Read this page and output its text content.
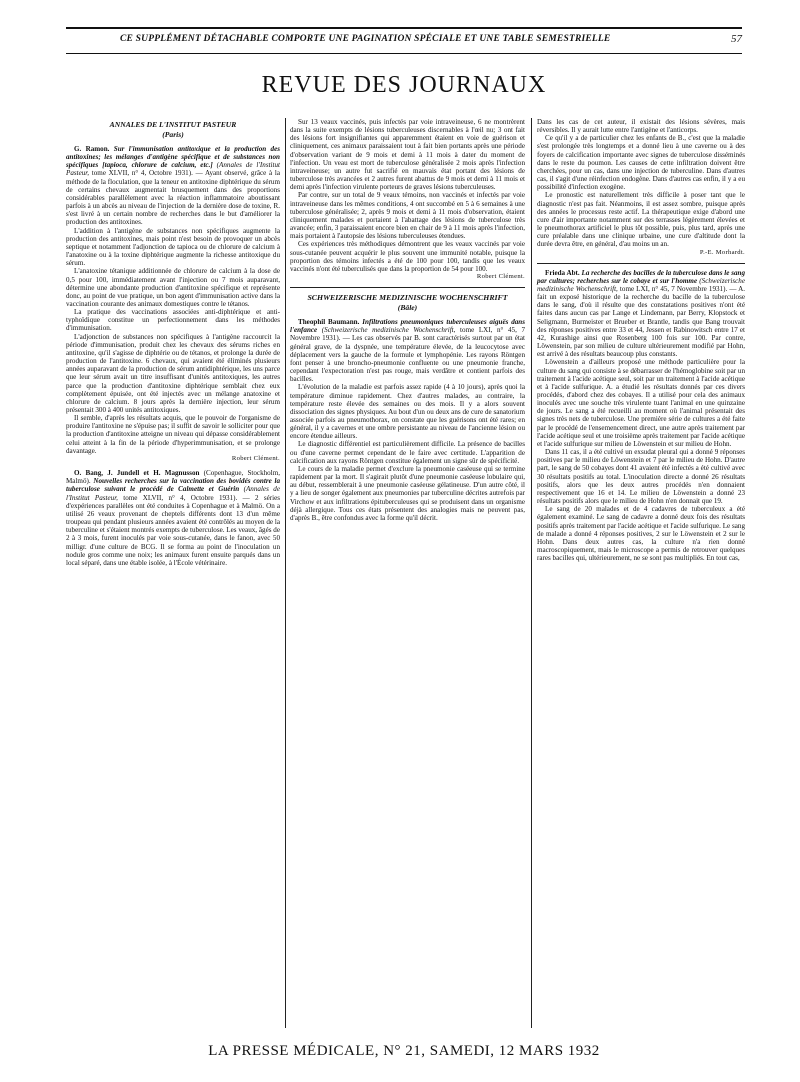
CE SUPPLÉMENT DÉTACHABLE COMPORTE UNE PAGINATION SPÉCIALE ET UNE TABLE SEMESTRIELLE	57
REVUE DES JOURNAUX
ANNALES DE L'INSTITUT PASTEUR
(Paris)

G. Ramon. Sur l'immunisation antitoxique et la production des antitoxines; les mélanges d'antigène spécifique et de substances non spécifiques [tapioca, chlorure de calcium, etc.] (Annales de l'Institut Pasteur, tome XLVII, n° 4, Octobre 1931). — Ayant observé, grâce à la méthode de la floculation, que la teneur en antitoxine diphtérique du sérum de certains chevaux augmentait brusquement dans des proportions considérables parallèlement avec la réaction inflammatoire aboutissant parfois à un abcès au niveau de l'injection de la dernière dose de toxine, R. s'est livré à un certain nombre de recherches dans le but d'améliorer la production des antitoxines.

L'addition à l'antigène de substances non spécifiques augmente la production des antitoxines, mais point n'est besoin de provoquer un abcès septique et notamment l'adjonction de tapioca ou de chlorure de calcium à l'anatoxine ou à la toxine diphtérique augmente la richesse antitoxique du sérum.

L'anatoxine tétanique additionnée de chlorure de calcium à la dose de 0,5 pour 100, immédiatement avant l'injection ou 7 mois auparavant, détermine une abondante production d'antitoxine spécifique et représente donc, au point de vue pratique, un bon agent d'immunisation active dans la vaccination courante des animaux domestiques contre le tétanos.

La pratique des vaccinations associées anti-diphtérique et anti-typhoïdique constitue un perfectionnement dans les méthodes d'immunisation.

L'adjonction de substances non spécifiques à l'antigène raccourcit la période d'immunisation, produit chez les chevaux des sérums riches en antitoxine, qu'il s'agisse de diphtérie ou de tétanos, et prolonge la durée de production de l'antitoxine. 6 chevaux, qui avaient été éliminés plusieurs années auparavant de la production de sérum antidiphtérique, les uns parce que leur sérum avait un titre insuffisant d'unités antitoxiques, les autres parce que la production d'antitoxine diphtérique semblait chez eux complètement épuisée, ont été injectés avec un mélange anatoxine et chlorure de calcium. 8 jours après la dernière injection, leur sérum présentait 300 à 400 unités antitoxiques.

Il semble, d'après les résultats acquis, que le pouvoir de l'organisme de produire l'antitoxine ne s'épuise pas; il suffit de savoir le solliciter pour que la production d'antitoxine atteigne un niveau qui dépasse considérablement celui atteint à la fin de la période d'hyperimmunisation, et se prolonge davantage.

Robert Clément.

O. Bang, J. Jundell et H. Magnusson (Copenhague, Stockholm, Malmö). Nouvelles recherches sur la vaccination des bovidés contre la tuberculose suivant le procédé de Calmette et Guérin (Annales de l'Institut Pasteur, tome XLVII, n° 4, Octobre 1931). — 2 séries d'expériences parallèles ont été conduites à Copenhague et à Malmö. On a utilisé 26 veaux provenant de cheptels différents dont 13 d'un même troupeau qui pendant plusieurs années avaient été contrôlés au moyen de la tuberculine et s'étaient montrés exempts de tuberculose. Les veaux, âgés de 2 à 3 mois, furent inoculés par voie sous-cutanée, dans le fanon, avec 50 milligr. d'une culture de BCG. Il se forma au point de l'inoculation un nodule gros comme une noix; les animaux furent ensuite parqués dans un local séparé, dans une étable isolée, à l'École vétérinaire.

Sur 13 veaux vaccinés, puis infectés par voie intraveineuse, 6 ne montrèrent dans la suite exempts de lésions tuberculeuses discernables à l'œil nu; 3 ont fait des lésions fort insignifiantes qui apparemment étaient en voie de guérison et cliniquement, ces animaux paraissaient tout à fait bien portants après une période d'observation variant de 9 mois et demi à 11 mois à dater du moment de l'infection. Un veau est mort de tuberculose généralisée 2 mois après l'infection intraveineuse; un autre fut sacrifié en mauvais état portant des lésions de tuberculose très avancées et 2 autres furent abattus de 9 mois et demi à 11 mois et demi après l'infection virulente porteurs de graves lésions tuberculeuses.

Par contre, sur un total de 9 veaux témoins, non vaccinés et infectés par voie intraveineuse dans les mêmes conditions, 4 ont succombé en 5 à 6 semaines à une tuberculose généralisée; 2, après 9 mois et demi à 11 mois d'observation, étaient cliniquement malades et portaient à l'abattage des lésions de tuberculose très avancée; enfin, 3 paraissaient encore bien en chair de 9 à 11 mois après l'infection, mais portaient à l'autopsie des lésions tuberculeuses étendues.

Ces expériences très méthodiques démontrent que les veaux vaccinés par voie sous-cutanée peuvent acquérir le plus souvent une immunité notable, puisque la proportion des témoins infectés a été de 100 pour 100, tandis que les veaux vaccinés n'ont été tuberculisés que dans la proportion de 54 pour 100.

Robert Clément.
SCHWEIZERISCHE MEDIZINISCHE WOCHENSCHRIFT
(Bâle)

Theophil Baumann. Infiltrations pneumoniques tuberculeuses aiguës dans l'enfance (Schweizerische medizinische Wochenschrift, tome LXI, n° 45, 7 Novembre 1931). — Les cas observés par B. sont caractérisés surtout par un état général grave, de la dyspnée, une température élevée, de la leucocytose avec déplacement vers la gauche de la formule et lymphopénie. Les rayons Röntgen font penser à une broncho-pneumonie confluente ou une pneumonie franche, cependant l'expectoration n'est pas rouge, mais verdâtre et contient parfois des bacilles.

L'évolution de la maladie est parfois assez rapide (4 à 10 jours), après quoi la température diminue rapidement. Chez d'autres malades, au contraire, la température reste élevée des semaines ou des mois. Il y a alors souvent dissociation des signes physiques. Au bout d'un ou deux ans de cure de sanatorium associée parfois au pneumothorax, on constate que les guérisons ont été rares; en général, il y a cavernes et une ombre persistante au niveau de l'ancienne lésion ou encore étendue ailleurs.

Le diagnostic différentiel est particulièrement difficile. La présence de bacilles ou d'une caverne permet cependant de le faire avec certitude. L'apparition de calcification aux rayons Röntgen constitue également un signe sûr de spécificité.

Le cours de la maladie permet d'exclure la pneumonie caséeuse qui se termine rapidement par la mort. Il s'agirait plutôt d'une pneumonie caséeuse lobulaire qui, au début, ressemblerait à une pneumonie caséeuse gélatineuse. D'un autre côté, il y a lieu de songer également aux pneumonies par tuberculine décrites autrefois par Virchow et aux infiltrations épituberculeuses qui se produisent dans un organisme déjà allergique. Tous ces états présentent des analogies mais ne peuvent pas, d'après B., être confondus avec la forme qu'il décrit.

Dans les cas de cet auteur, il existait des lésions sévères, mais réversibles. Il y aurait lutte entre l'antigène et l'anticorps.

Ce qu'il y a de particulier chez les enfants de B., c'est que la maladie s'est prolongée très longtemps et a donné lieu à une caverne ou à des foyers de calcification importante avec signes de tuberculose disséminés dans le reste du poumon. Les causes de cette infiltration doivent être cherchées, pour un cas, dans une injection de tuberculine. Dans d'autres cas, il s'agit d'une réinfection endogène. Dans d'autres cas enfin, il y a eu possibilité d'infection exogène.

Le pronostic est naturellement très difficile à poser tant que le diagnostic n'est pas fait. Néanmoins, il est assez sombre, puisque après des années le processus reste actif. La thérapeutique exige d'abord une cure d'air importante notamment sur des terrasses légèrement élevées et le pneumothorax artificiel le plus tôt possible, puis, plus tard, après une cure préalable dans une clinique urbaine, une cure d'altitude dont la durée devra être, en général, d'au moins un an.

P.-E. Morhardt.

Frieda Abt. La recherche des bacilles de la tuberculose dans le sang par cultures; recherches sur le cobaye et sur l'homme (Schweizerische medizinische Wochenschrift, tome LXI, n° 45, 7 Novembre 1931). — A. fait un exposé historique de la recherche du bacille de la tuberculose dans le sang, d'où il résulte que des constatations positives n'ont été faites dans aucun cas par Lange et Lindemann, par Berry, Klopstock et Seligmann, Burmeister et Brueber et Brantle, tandis que Bang trouvait des réponses positives entre 33 et 44, Jessen et Rabinowitsch entre 17 et 42, Kurashige ainsi que Rosenberg 100 fois sur 100. Par contre, Löwenstein, par son milieu de culture ultérieurement modifié par Hohn, est arrivé à des résultats beaucoup plus constants.

Löwenstein a d'ailleurs proposé une méthode particulière pour la culture du sang qui consiste à se débarrasser de l'hémoglobine soit par un traitement à l'acide acétique seul, soit par un traitement à l'acide acétique et à l'acide sulfurique. A. a étudié les résultats donnés par ces divers procédés, d'abord chez des cobayes. Il a utilisé pour cela des animaux inoculés avec une souche très virulente tuant l'animal en une quinzaine de jours. Le sang a été recueilli au moment où l'animal présentait des signes très nets de tuberculose. Une première série de cultures a été faite par le procédé de l'ensemencement direct, une autre après traitement par l'acide acétique seul et une troisième après traitement par l'acide acétique et l'acide sulfurique sur milieu de Löwenstein et sur milieu de Hohn.

Dans 11 cas, il a été cultivé un exsudat pleural qui a donné 9 réponses positives par le milieu de Löwenstein et 7 par le milieu de Hohn. D'autre part, le sang de 50 cobayes dont 41 avaient été infectés a été cultivé avec 30 résultats positifs au total. L'inoculation directe a donné 26 résultats positifs, alors que les deux autres procédés n'en donnaient respectivement que 16 et 14. Le milieu de Löwenstein a donné 23 résultats positifs alors que le milieu de Hohn n'en donnait que 19.

Le sang de 20 malades et de 4 cadavres de tuberculeux a été également examiné. Le sang de cadavre a donné deux fois des résultats positifs après traitement par l'acide acétique et l'acide sulfurique. Le sang de malade a donné 4 réponses positives, 2 sur le Löwenstein et 2 sur le Hohn. Dans deux autres cas, la culture n'a rien donné macroscopiquement, mais le microscope a permis de retrouver quelques rares bacilles qui, ultérieurement, ne se sont pas multipliés. En tout cas,

LA PRESSE MÉDICALE, N° 21, SAMEDI, 12 MARS 1932
